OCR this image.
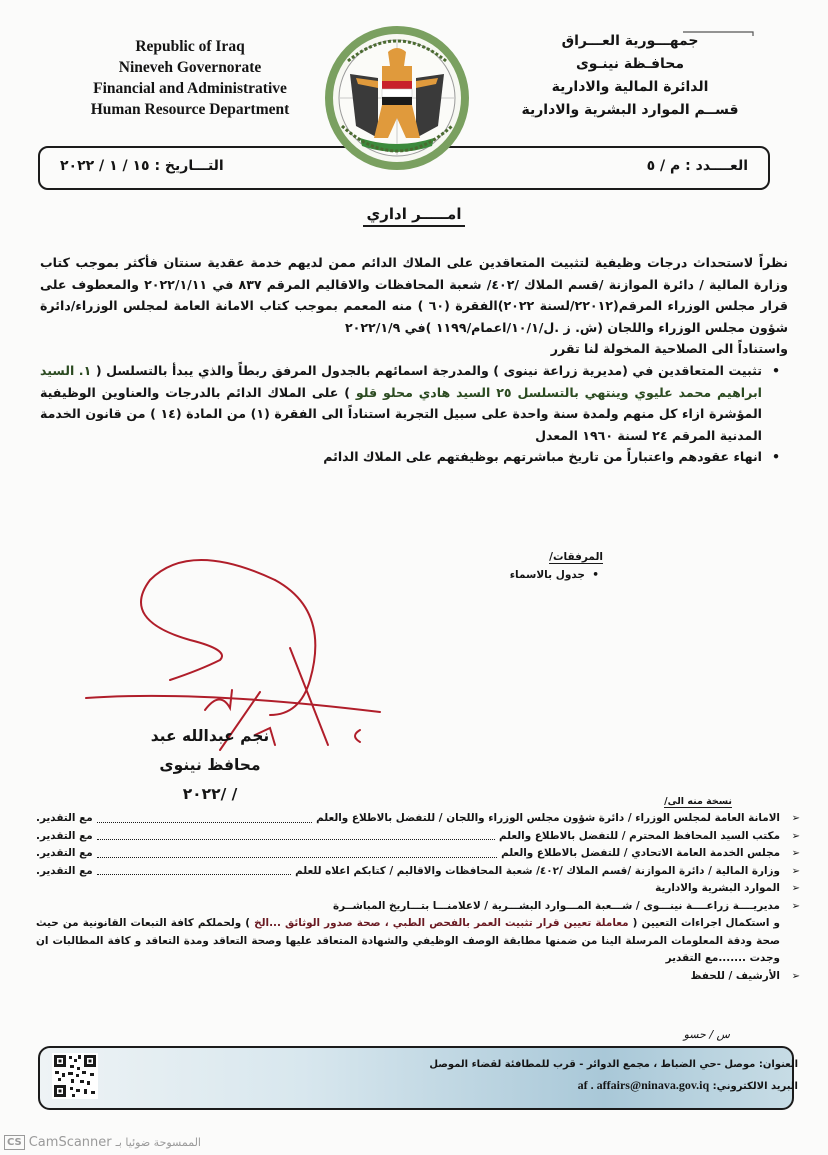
Republic of Iraq
Nineveh Governorate
Financial and Administrative
Human Resource Department
جمهـــورية العـــراق
محافـظة نينـوى
الدائرة المالية والادارية
قســم الموارد البشرية والادارية
التـــاريخ : ١٥ / ١ / ٢٠٢٢	العــــدد : م / ٥
امـــــر اداري

نظراً لاستحداث درجات وظيفية لتثبيت المتعاقدين على الملاك الدائم ممن لديهم خدمة عقدية سنتان فأكثر بموجب كتاب وزارة المالية / دائرة الموازنة /قسم الملاك /٤٠٢/ شعبة المحافظات والاقاليم المرقم ٨٣٧ في ٢٠٢٢/١/١١ والمعطوف على قرار مجلس الوزراء المرقم(٢٢٠١٢/لسنة ٢٠٢٢)الفقرة (٦٠ ) منه المعمم بموجب كتاب الامانة العامة لمجلس الوزراء/دائرة شؤون مجلس الوزراء واللجان (ش. ز .ل/١٠/١/اعمام/١١٩٩ )في ٢٠٢٢/١/٩

واستناداً الى الصلاحية المخولة لنا تقرر

• تثبيت المتعاقدين في (مديرية زراعة نينوى ) والمدرجة اسمائهم بالجدول المرفق ربطاً والذي يبدأ بالتسلسل ( ١. السيد ابراهيم محمد عليوي وينتهي بالتسلسل ٢٥ السيد هادي محلو قلو ) على الملاك الدائم بالدرجات والعناوين الوظيفية المؤشرة ازاء كل منهم ولمدة سنة واحدة على سبيل التجربة استناداً الى الفقرة (١) من المادة (١٤ ) من قانون الخدمة المدنية المرقم ٢٤ لسنة ١٩٦٠ المعدل
• انهاء عقودهم واعتباراً من تاريخ مباشرتهم بوظيفتهم على الملاك الدائم
المرفقات/
• جدول بالاسماء
نجم عبدالله عبد
محافظ نينوى
/ /٢٠٢٢	نسخة منه الى/
➢ الامانة العامة لمجلس الوزراء / دائرة شؤون مجلس الوزراء واللجان / للتفضل بالاطلاع والعلم
مع التقدير.
➢ مكتب السيد المحافظ المحترم / للتفضل بالاطلاع والعلم
مع التقدير.
➢ مجلس الخدمة العامة الاتحادي / للتفضل بالاطلاع والعلم
مع التقدير.
➢ وزارة المالية / دائرة الموازنة /قسم الملاك /٤٠٢/ شعبة المحافظات والاقاليم / كتابكم اعلاه للعلم
مع التقدير.
➢ الموارد البشرية والادارية
➢ مديريــــة زراعــــة نينـــوى / شـــعبة المـــوارد البشـــرية / لاعلامنـــا بتـــاريخ المباشــرة
و استكمال اجراءات التعيين ( معاملة تعيين قرار تثبيت العمر بالفحص الطبي ، صحة صدور الوثائق ...الخ ) ولحملكم كافة التبعات القانونية من حيث صحة ودقة المعلومات المرسلة الينا من ضمنها مطابقة الوصف الوظيفي والشهادة المتعاقد عليها وصحة التعاقد ومدة التعاقد و كافة المطالبات ان وجدت .......مع التقدير
➢ الأرشيف / للحفظ
س / حسو
العنوان: موصل -حي الضباط ، مجمع الدوائر - قرب للمطافئة لقضاء الموصل
البريد الالكتروني: af . affairs@ninava.gov.iq
CS CamScanner الممسوحة ضوئيا بـ
